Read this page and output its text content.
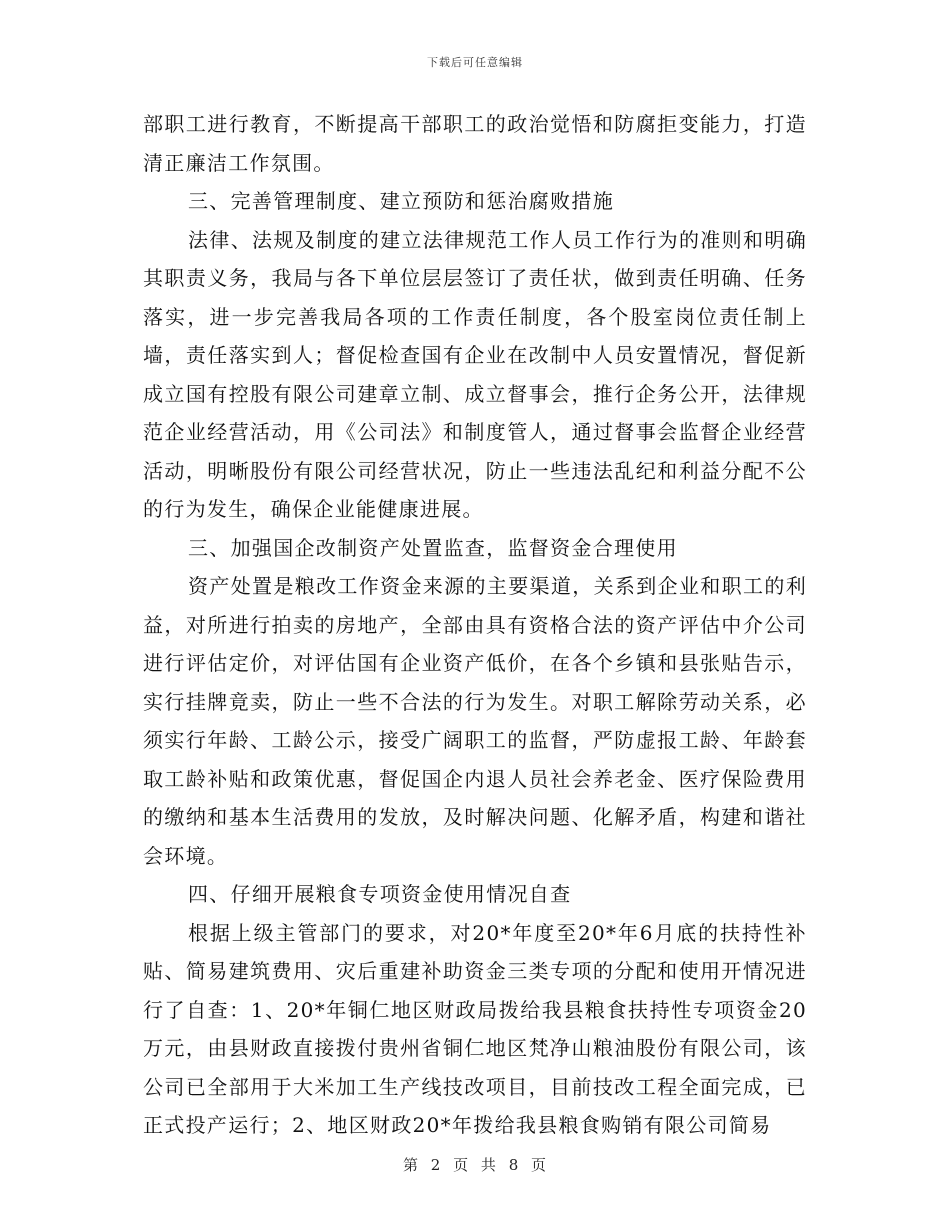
下载后可任意编辑

部职工进行教育，不断提高干部职工的政治觉悟和防腐拒变能力，打造清正廉洁工作氛围。

三、完善管理制度、建立预防和惩治腐败措施

法律、法规及制度的建立法律规范工作人员工作行为的准则和明确其职责义务，我局与各下单位层层签订了责任状，做到责任明确、任务落实，进一步完善我局各项的工作责任制度，各个股室岗位责任制上墙，责任落实到人；督促检查国有企业在改制中人员安置情况，督促新成立国有控股有限公司建章立制、成立督事会，推行企务公开，法律规范企业经营活动，用《公司法》和制度管人，通过督事会监督企业经营活动，明晰股份有限公司经营状况，防止一些违法乱纪和利益分配不公的行为发生，确保企业能健康进展。

三、加强国企改制资产处置监查，监督资金合理使用

资产处置是粮改工作资金来源的主要渠道，关系到企业和职工的利益，对所进行拍卖的房地产，全部由具有资格合法的资产评估中介公司进行评估定价，对评估国有企业资产低价，在各个乡镇和县张贴告示，实行挂牌竟卖，防止一些不合法的行为发生。对职工解除劳动关系，必须实行年龄、工龄公示，接受广阔职工的监督，严防虚报工龄、年龄套取工龄补贴和政策优惠，督促国企内退人员社会养老金、医疗保险费用的缴纳和基本生活费用的发放，及时解决问题、化解矛盾，构建和谐社会环境。

四、仔细开展粮食专项资金使用情况自查

根据上级主管部门的要求，对20*年度至20*年6月底的扶持性补贴、简易建筑费用、灾后重建补助资金三类专项的分配和使用开情况进行了自查：1、20*年铜仁地区财政局拨给我县粮食扶持性专项资金20万元，由县财政直接拨付贵州省铜仁地区梵净山粮油股份有限公司，该公司已全部用于大米加工生产线技改项目，目前技改工程全面完成，已正式投产运行；2、地区财政20*年拨给我县粮食购销有限公司简易

第 2 页 共 8 页
